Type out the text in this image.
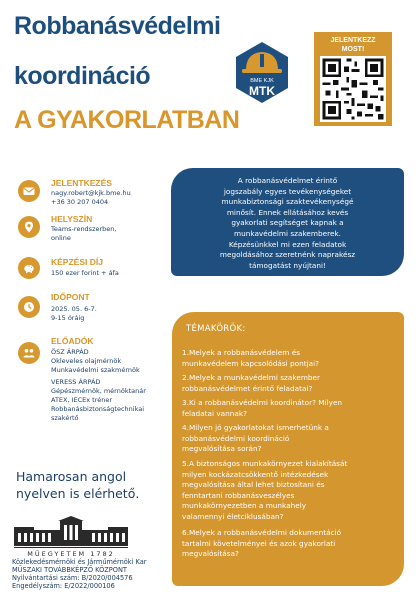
Robbanásvédelmi
koordináció
A GYAKORLATBAN
BME KJK
MTK
JELENTKEZZ
MOST!
JELENTKEZÉS
nagy.robert@kjk.bme.hu
+36 30 207 0404
HELYSZÍN
Teams-rendszerben,
online
KÉPZÉSI DÍJ
150 ezer forint + áfa
IDŐPONT
2025. 05. 6-7.
9-15 óráig
ELŐADÓK
ÖSZ ÁRPÁD
Okleveles olajmérnök
Munkavédelmi szakmérnök
VERESS ÁRPÁD
Gépészmérnök, mérnöktanár
ATEX, IECEx tréner
Robbanásbiztonságtechnikai
szakértő
A robbanásvédelmet érintő
jogszabály egyes tevékenységeket
munkabiztonsági szaktevékenységé
minősít. Ennek ellátásához kevés
gyakorlati segítséget kapnak a
munkavédelmi szakemberek.
Képzésünkkel mi ezen feladatok
megoldásához szeretnénk naprakész
támogatást nyújtani!
TÉMAKÖRÖK:
1.Melyek a robbanásvédelem és
munkavédelem kapcsolódási pontjai?
2.Melyek a munkavédelmi szakember
robbanásvédelmet érintő feladatai?
3.Ki a robbanásvédelmi koordinátor? Milyen
feladatai vannak?
4.Milyen jó gyakorlatokat ismerhetünk a
robbanásvédelmi koordináció
megvalósítása során?
5.A biztonságos munkakörnyezet kialakítását
milyen kockázatcsökkentő intézkedések
megvalósítása által lehet biztosítani és
fenntartani robbanásveszélyes
munkakörnyezetben a munkahely
valamennyi életciklusában?
6.Melyek a robbanásvédelmi dokumentáció
tartalmi követelményei és azok gyakorlati
megvalósítása?
Hamarosan angol
nyelven is elérhető.
MŰEGYETEM 1782
Közlekedésmérnöki és Járműmérnöki Kar
MŰSZAKI TOVÁBBKÉPZŐ KÖZPONT
Nyilvántartási szám: B/2020/004576
Engedélyszám: E/2022/000106
